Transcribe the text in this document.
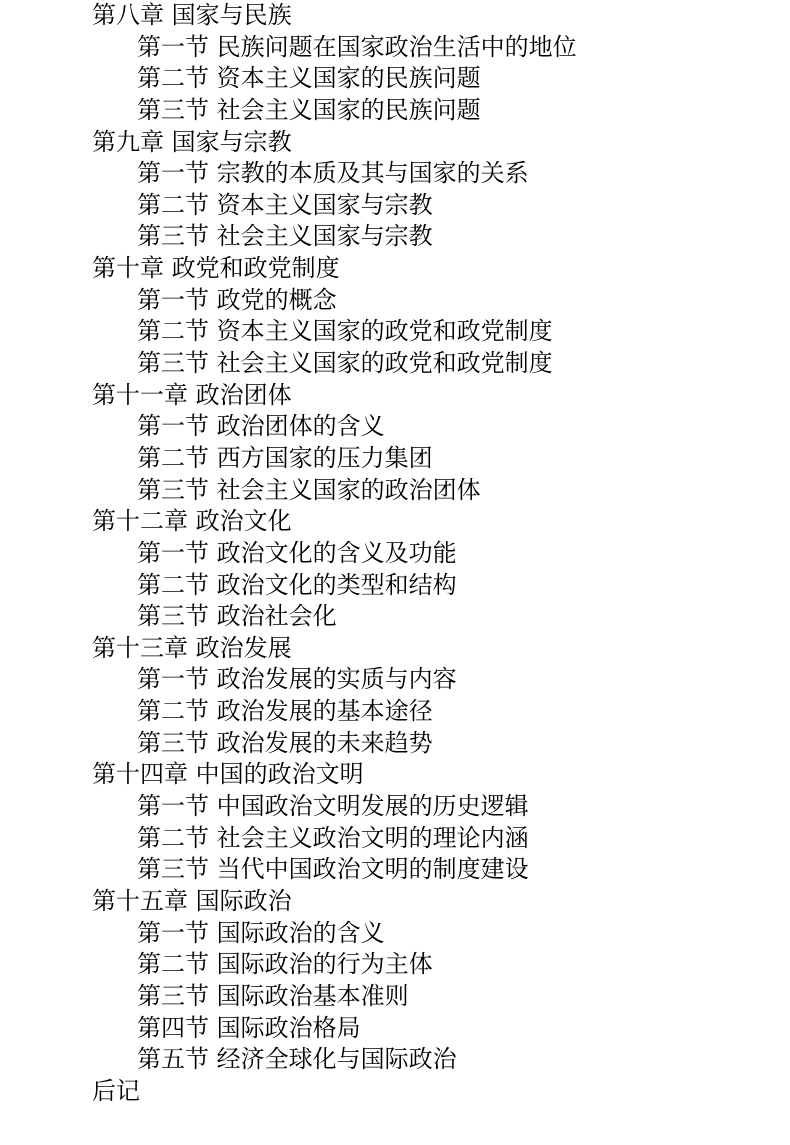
第八章 国家与民族
第一节 民族问题在国家政治生活中的地位
第二节 资本主义国家的民族问题
第三节 社会主义国家的民族问题
第九章 国家与宗教
第一节 宗教的本质及其与国家的关系
第二节 资本主义国家与宗教
第三节 社会主义国家与宗教
第十章 政党和政党制度
第一节 政党的概念
第二节 资本主义国家的政党和政党制度
第三节 社会主义国家的政党和政党制度
第十一章 政治团体
第一节 政治团体的含义
第二节 西方国家的压力集团
第三节 社会主义国家的政治团体
第十二章 政治文化
第一节 政治文化的含义及功能
第二节 政治文化的类型和结构
第三节 政治社会化
第十三章 政治发展
第一节 政治发展的实质与内容
第二节 政治发展的基本途径
第三节 政治发展的未来趋势
第十四章 中国的政治文明
第一节 中国政治文明发展的历史逻辑
第二节 社会主义政治文明的理论内涵
第三节 当代中国政治文明的制度建设
第十五章 国际政治
第一节 国际政治的含义
第二节 国际政治的行为主体
第三节 国际政治基本准则
第四节 国际政治格局
第五节 经济全球化与国际政治
后记
